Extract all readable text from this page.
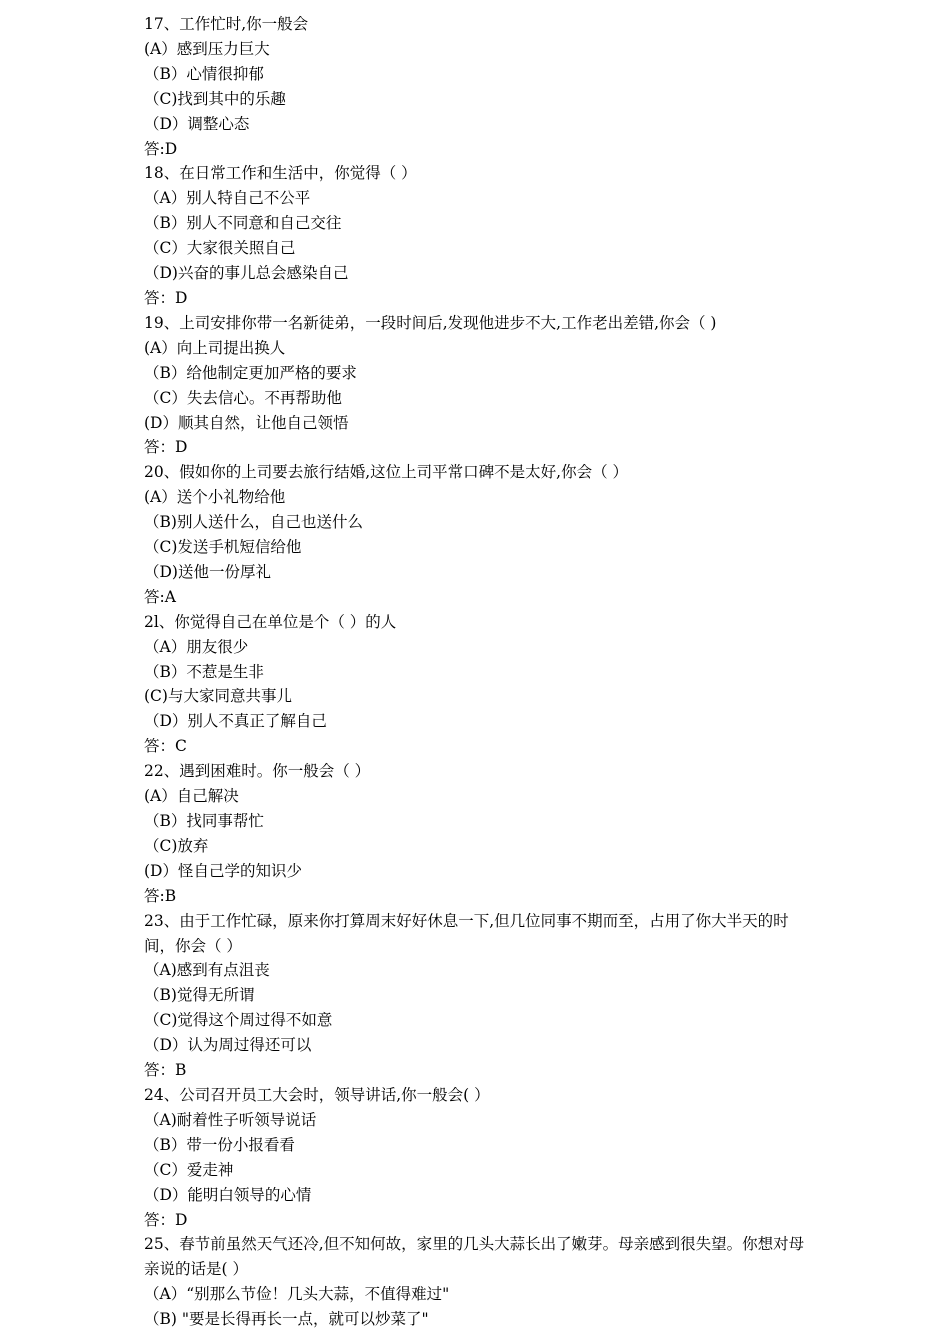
17、工作忙时,你一般会
(A）感到压力巨大
（B）心情很抑郁
（C)找到其中的乐趣
（D）调整心态
答:D
18、在日常工作和生活中，你觉得（ ）
（A）别人特自己不公平
（B）别人不同意和自己交往
（C）大家很关照自己
（D)兴奋的事儿总会感染自己
答：D
19、上司安排你带一名新徒弟，一段时间后,发现他进步不大,工作老出差错,你会（ )
(A）向上司提出换人
（B）给他制定更加严格的要求
（C）失去信心。不再帮助他
(D）顺其自然，让他自己领悟
答：D
20、假如你的上司要去旅行结婚,这位上司平常口碑不是太好,你会（ ）
(A）送个小礼物给他
（B)别人送什么，自己也送什么
（C)发送手机短信给他
（D)送他一份厚礼
答:A
2l、你觉得自己在单位是个（ ）的人
（A）朋友很少
（B）不惹是生非
(C)与大家同意共事儿
（D）别人不真正了解自己
答：C
22、遇到困难时。你一般会（ ）
(A）自己解决
（B）找同事帮忙
（C)放弃
(D）怪自己学的知识少
答:B
23、由于工作忙碌，原来你打算周末好好休息一下,但几位同事不期而至，占用了你大半天的时间，你会（ ）
（A)感到有点沮丧
（B)觉得无所谓
（C)觉得这个周过得不如意
（D）认为周过得还可以
答：B
24、公司召开员工大会时，领导讲话,你一般会( ）
（A)耐着性子听领导说话
（B）带一份小报看看
（C）爱走神
（D）能明白领导的心情
答：D
25、春节前虽然天气还冷,但不知何故，家里的几头大蒜长出了嫩芽。母亲感到很失望。你想对母亲说的话是( ）
（A）“别那么节俭！几头大蒜，不值得难过"
（B) "要是长得再长一点，就可以炒菜了"
